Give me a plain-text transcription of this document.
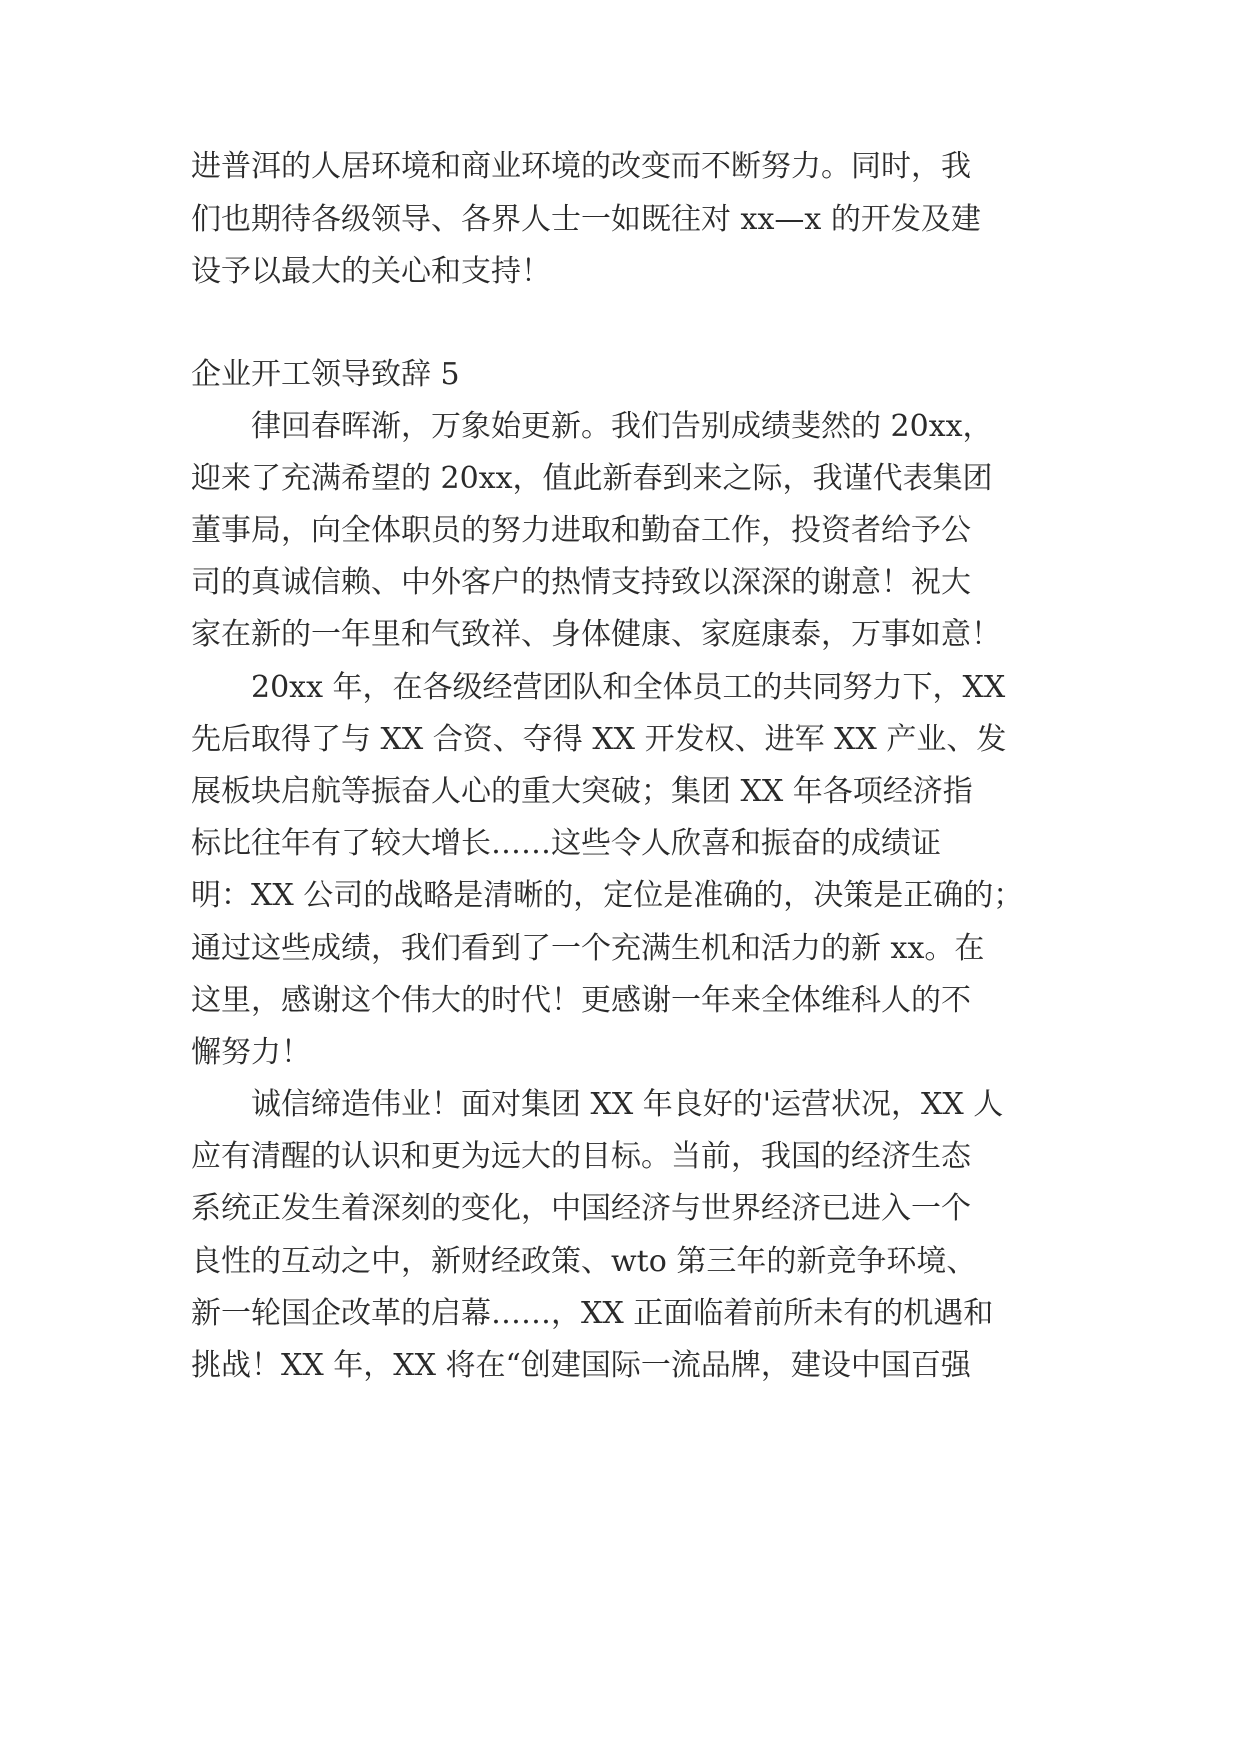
进普洱的人居环境和商业环境的改变而不断努力。同时，我
们也期待各级领导、各界人士一如既往对 xx—x 的开发及建
设予以最大的关心和支持！
企业开工领导致辞 5
律回春晖渐，万象始更新。我们告别成绩斐然的 20xx，
迎来了充满希望的 20xx，值此新春到来之际，我谨代表集团
董事局，向全体职员的努力进取和勤奋工作，投资者给予公
司的真诚信赖、中外客户的热情支持致以深深的谢意！祝大
家在新的一年里和气致祥、身体健康、家庭康泰，万事如意！
20xx 年，在各级经营团队和全体员工的共同努力下，XX
先后取得了与 XX 合资、夺得 XX 开发权、进军 XX 产业、发
展板块启航等振奋人心的重大突破；集团 XX 年各项经济指
标比往年有了较大增长……这些令人欣喜和振奋的成绩证
明：XX 公司的战略是清晰的，定位是准确的，决策是正确的；
通过这些成绩，我们看到了一个充满生机和活力的新 xx。在
这里，感谢这个伟大的时代！更感谢一年来全体维科人的不
懈努力！
诚信缔造伟业！面对集团 XX 年良好的'运营状况，XX 人
应有清醒的认识和更为远大的目标。当前，我国的经济生态
系统正发生着深刻的变化，中国经济与世界经济已进入一个
良性的互动之中，新财经政策、wto 第三年的新竞争环境、
新一轮国企改革的启幕……，XX 正面临着前所未有的机遇和
挑战！XX 年，XX 将在“创建国际一流品牌，建设中国百强
